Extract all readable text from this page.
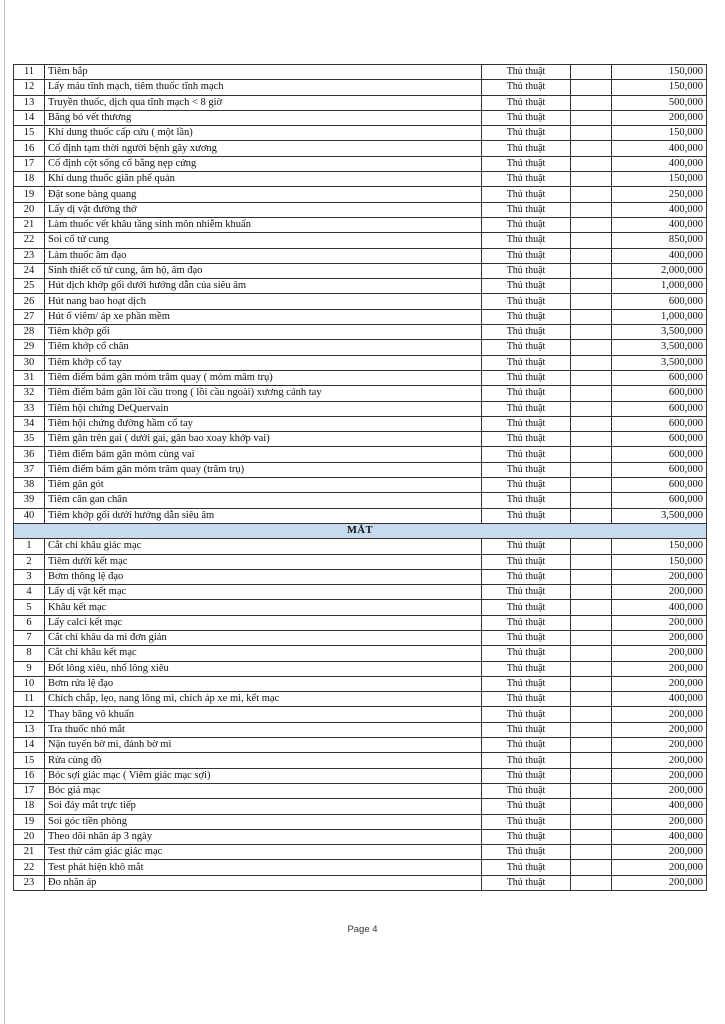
11	Tiêm bắp	Thủ thuật		150,000
12	Lấy máu tĩnh mạch, tiêm thuốc tĩnh mạch	Thủ thuật		150,000
13	Truyền thuốc, dịch qua tĩnh mạch < 8 giờ	Thủ thuật		500,000
14	Băng bó vết thương	Thủ thuật		200,000
15	Khí dung thuốc cấp cứu ( một lần)	Thủ thuật		150,000
16	Cố định tạm thời người bệnh gãy xương	Thủ thuật		400,000
17	Cố định cột sống cổ bằng nẹp cứng	Thủ thuật		400,000
18	Khí dung thuốc giãn phế quản	Thủ thuật		150,000
19	Đặt sone bàng quang	Thủ thuật		250,000
20	Lấy dị vật đường thở	Thủ thuật		400,000
21	Làm thuốc vết khâu tầng sinh môn nhiễm khuẩn	Thủ thuật		400,000
22	Soi cổ tử cung	Thủ thuật		850,000
23	Làm thuốc âm đạo	Thủ thuật		400,000
24	Sinh thiết cổ tử cung, âm hộ, âm đạo	Thủ thuật		2,000,000
25	Hút dịch khớp gối dưới hướng dẫn của siêu âm	Thủ thuật		1,000,000
26	Hút nang bao hoạt dịch	Thủ thuật		600,000
27	Hút ổ viêm/ áp xe phần mềm	Thủ thuật		1,000,000
28	Tiêm khớp gối	Thủ thuật		3,500,000
29	Tiêm khớp cổ chân	Thủ thuật		3,500,000
30	Tiêm khớp cổ tay	Thủ thuật		3,500,000
31	Tiêm điểm bám gân mỏm trâm quay ( mỏm mâm trụ)	Thủ thuật		600,000
32	Tiêm điểm bám gân lồi cầu trong ( lồi cầu ngoài) xương cánh tay	Thủ thuật		600,000
33	Tiêm hội chứng DeQuervain	Thủ thuật		600,000
34	Tiêm hội chứng đường hầm cổ tay	Thủ thuật		600,000
35	Tiêm gân trên gai ( dưới gai, gân bao xoay khớp vai)	Thủ thuật		600,000
36	Tiêm điểm bám gân mỏm cùng vai	Thủ thuật		600,000
37	Tiêm điểm bám gân mỏm trâm quay (trâm trụ)	Thủ thuật		600,000
38	Tiêm gân gót	Thủ thuật		600,000
39	Tiêm cân gan chân	Thủ thuật		600,000
40	Tiêm khớp gối dưới hướng dẫn siêu âm	Thủ thuật		3,500,000
MẮT				
1	Cắt chỉ khâu giác mạc	Thủ thuật		150,000
2	Tiêm dưới kết mạc	Thủ thuật		150,000
3	Bơm thông lệ đạo	Thủ thuật		200,000
4	Lấy dị vật kết mạc	Thủ thuật		200,000
5	Khâu kết mạc	Thủ thuật		400,000
6	Lấy calci kết mạc	Thủ thuật		200,000
7	Cắt chỉ khâu da mi đơn giản	Thủ thuật		200,000
8	Cắt chỉ khâu kết mạc	Thủ thuật		200,000
9	Đốt lông xiêu, nhổ lông xiêu	Thủ thuật		200,000
10	Bơm rửa lệ đạo	Thủ thuật		200,000
11	Chích chắp, lẹo, nang lông mi, chích áp xe mi, kết mạc	Thủ thuật		400,000
12	Thay băng vô khuẩn	Thủ thuật		200,000
13	Tra thuốc nhỏ mắt	Thủ thuật		200,000
14	Nặn tuyến bờ mi, đánh bờ mi	Thủ thuật		200,000
15	Rửa cùng đồ	Thủ thuật		200,000
16	Bóc sợi giác mạc ( Viêm giác mạc sợi)	Thủ thuật		200,000
17	Bóc giả mạc	Thủ thuật		200,000
18	Soi đáy mắt trực tiếp	Thủ thuật		400,000
19	Soi góc tiền phòng	Thủ thuật		200,000
20	Theo dõi nhãn áp 3 ngày	Thủ thuật		400,000
21	Test thử cảm giác giác mạc	Thủ thuật		200,000
22	Test phát hiện khô mắt	Thủ thuật		200,000
23	Đo nhãn áp	Thủ thuật		200,000
Page 4
